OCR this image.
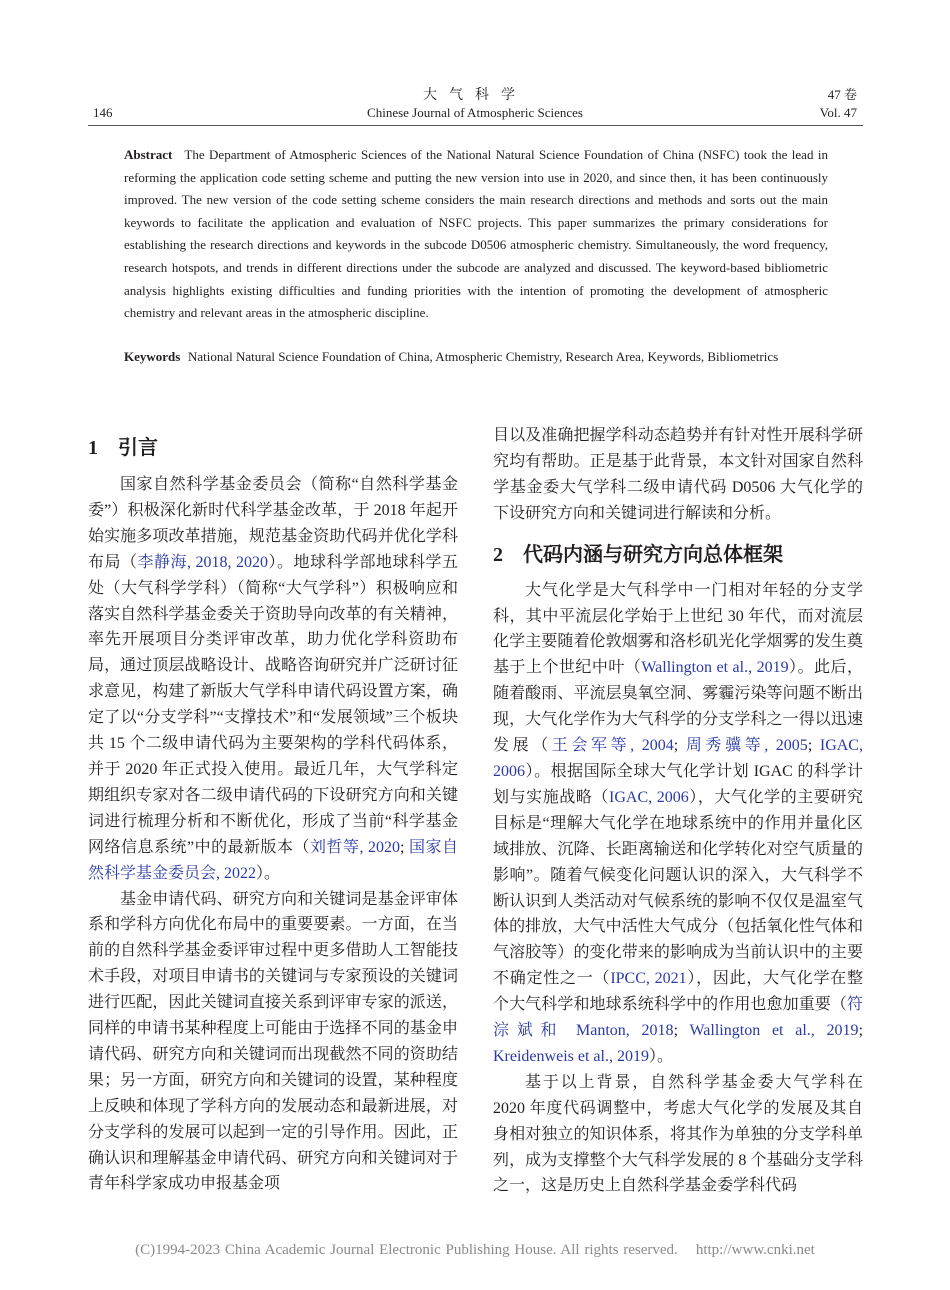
大气科学
146	Chinese Journal of Atmospheric Sciences
47 卷
Vol. 47
Abstract The Department of Atmospheric Sciences of the National Natural Science Foundation of China (NSFC) took the lead in reforming the application code setting scheme and putting the new version into use in 2020, and since then, it has been continuously improved. The new version of the code setting scheme considers the main research directions and methods and sorts out the main keywords to facilitate the application and evaluation of NSFC projects. This paper summarizes the primary considerations for establishing the research directions and keywords in the subcode D0506 atmospheric chemistry. Simultaneously, the word frequency, research hotspots, and trends in different directions under the subcode are analyzed and discussed. The keyword-based bibliometric analysis highlights existing difficulties and funding priorities with the intention of promoting the development of atmospheric chemistry and relevant areas in the atmospheric discipline.
Keywords National Natural Science Foundation of China, Atmospheric Chemistry, Research Area, Keywords, Bibliometrics
1 引言

国家自然科学基金委员会（简称“自然科学基金委”）积极深化新时代科学基金改革，于 2018 年起开始实施多项改革措施，规范基金资助代码并优化学科布局（李静海, 2018, 2020）。地球科学部地球科学五处（大气科学学科）（简称“大气学科”）积极响应和落实自然科学基金委关于资助导向改革的有关精神，率先开展项目分类评审改革，助力优化学科资助布局，通过顶层战略设计、战略咨询研究并广泛研讨征求意见，构建了新版大气学科申请代码设置方案，确定了以“分支学科”“支撑技术”和“发展领域”三个板块共 15 个二级申请代码为主要架构的学科代码体系，并于 2020 年正式投入使用。最近几年，大气学科定期组织专家对各二级申请代码的下设研究方向和关键词进行梳理分析和不断优化，形成了当前“科学基金网络信息系统”中的最新版本（刘哲等, 2020; 国家自然科学基金委员会, 2022）。

基金申请代码、研究方向和关键词是基金评审体系和学科方向优化布局中的重要要素。一方面，在当前的自然科学基金委评审过程中更多借助人工智能技术手段，对项目申请书的关键词与专家预设的关键词进行匹配，因此关键词直接关系到评审专家的派送，同样的申请书某种程度上可能由于选择不同的基金申请代码、研究方向和关键词而出现截然不同的资助结果；另一方面，研究方向和关键词的设置，某种程度上反映和体现了学科方向的发展动态和最新进展，对分支学科的发展可以起到一定的引导作用。因此，正确认识和理解基金申请代码、研究方向和关键词对于青年科学家成功申报基金项

目以及准确把握学科动态趋势并有针对性开展科学研究均有帮助。正是基于此背景，本文针对国家自然科学基金委大气学科二级申请代码 D0506 大气化学的下设研究方向和关键词进行解读和分析。

2 代码内涵与研究方向总体框架

大气化学是大气科学中一门相对年轻的分支学科，其中平流层化学始于上世纪 30 年代，而对流层化学主要随着伦敦烟雾和洛杉矶光化学烟雾的发生奠基于上个世纪中叶（Wallington et al., 2019）。此后，随着酸雨、平流层臭氧空洞、雾霾污染等问题不断出现，大气化学作为大气科学的分支学科之一得以迅速发展（王会军等, 2004; 周秀骥等, 2005; IGAC, 2006）。根据国际全球大气化学计划 IGAC 的科学计划与实施战略（IGAC, 2006），大气化学的主要研究目标是“理解大气化学在地球系统中的作用并量化区域排放、沉降、长距离输送和化学转化对空气质量的影响”。随着气候变化问题认识的深入，大气科学不断认识到人类活动对气候系统的影响不仅仅是温室气体的排放，大气中活性大气成分（包括氧化性气体和气溶胶等）的变化带来的影响成为当前认识中的主要不确定性之一（IPCC, 2021），因此，大气化学在整个大气科学和地球系统科学中的作用也愈加重要（符淙斌和 Manton, 2018; Wallington et al., 2019; Kreidenweis et al., 2019）。

基于以上背景，自然科学基金委大气学科在 2020 年度代码调整中，考虑大气化学的发展及其自身相对独立的知识体系，将其作为单独的分支学科单列，成为支撑整个大气科学发展的 8 个基础分支学科之一，这是历史上自然科学基金委学科代码

(C)1994-2023 China Academic Journal Electronic Publishing House. All rights reserved. http://www.cnki.net
